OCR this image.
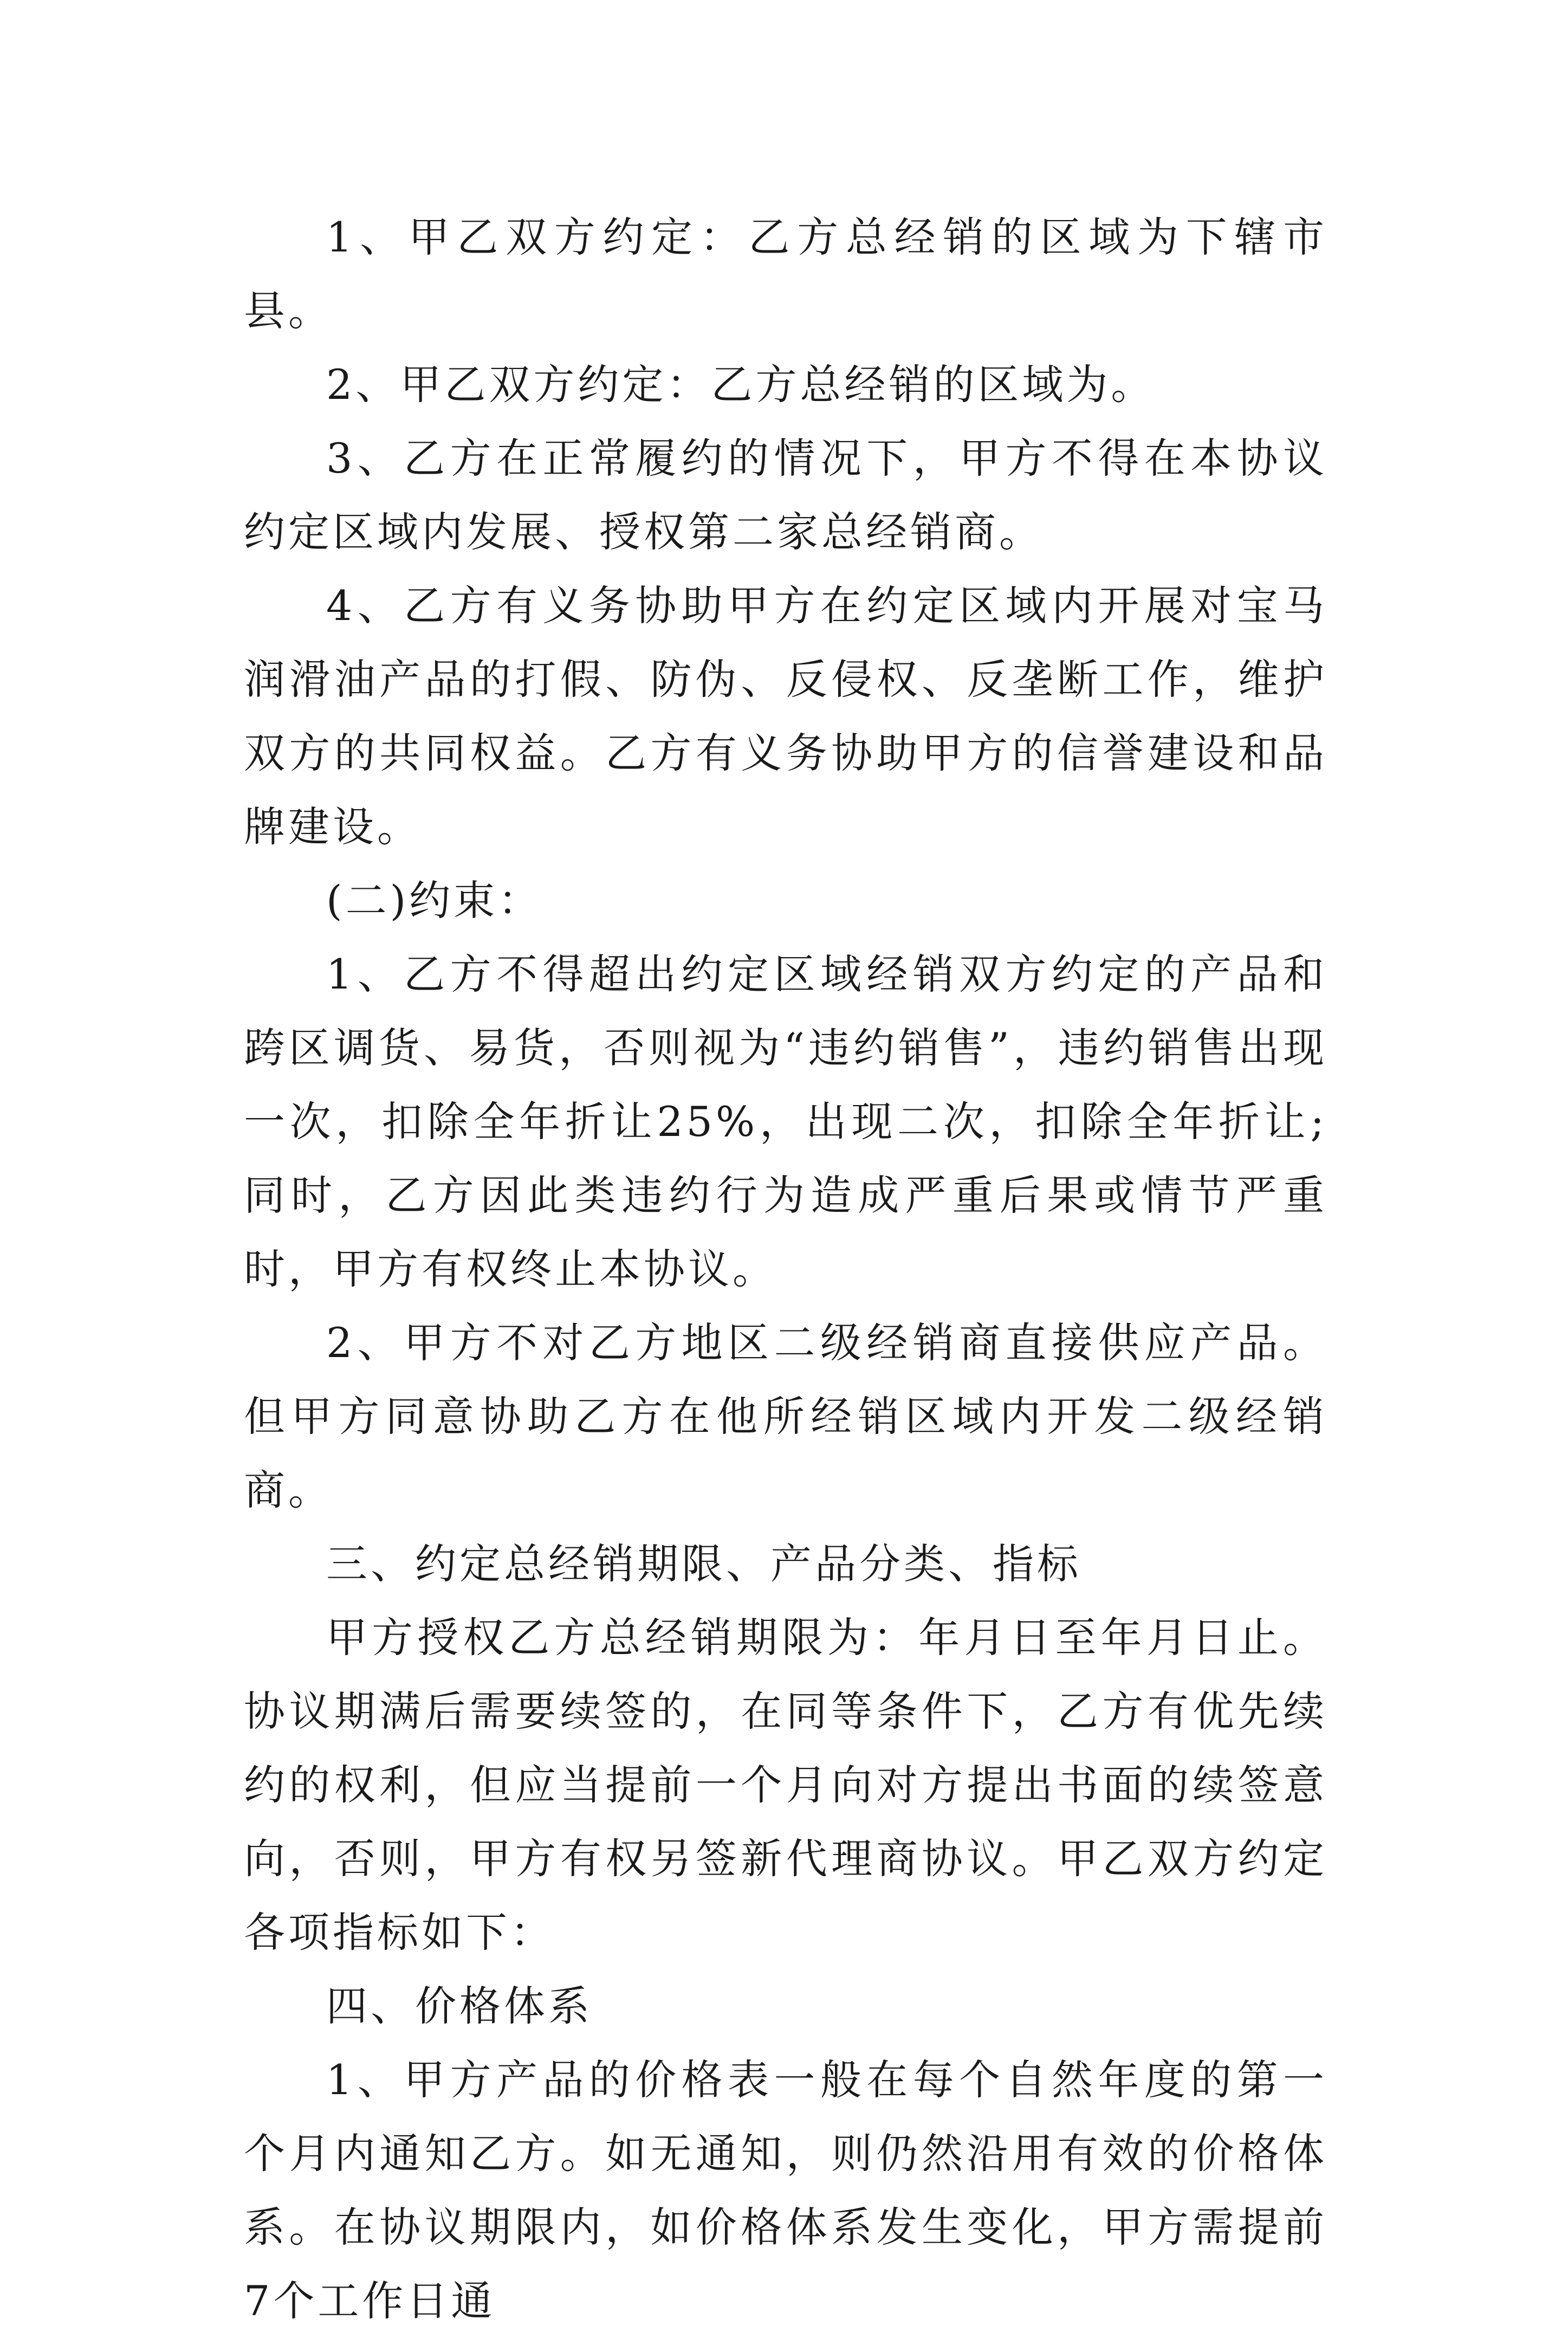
1、甲乙双方约定：乙方总经销的区域为下辖市县。

2、甲乙双方约定：乙方总经销的区域为。

3、乙方在正常履约的情况下，甲方不得在本协议约定区域内发展、授权第二家总经销商。

4、乙方有义务协助甲方在约定区域内开展对宝马润滑油产品的打假、防伪、反侵权、反垄断工作，维护双方的共同权益。乙方有义务协助甲方的信誉建设和品牌建设。

(二)约束：

1、乙方不得超出约定区域经销双方约定的产品和跨区调货、易货，否则视为“违约销售”，违约销售出现一次，扣除全年折让25%，出现二次，扣除全年折让;同时，乙方因此类违约行为造成严重后果或情节严重时，甲方有权终止本协议。

2、甲方不对乙方地区二级经销商直接供应产品。但甲方同意协助乙方在他所经销区域内开发二级经销商。

三、约定总经销期限、产品分类、指标

甲方授权乙方总经销期限为：年月日至年月日止。协议期满后需要续签的，在同等条件下，乙方有优先续约的权利，但应当提前一个月向对方提出书面的续签意向，否则，甲方有权另签新代理商协议。甲乙双方约定各项指标如下：

四、价格体系

1、甲方产品的价格表一般在每个自然年度的第一个月内通知乙方。如无通知，则仍然沿用有效的价格体系。在协议期限内，如价格体系发生变化，甲方需提前7个工作日通
